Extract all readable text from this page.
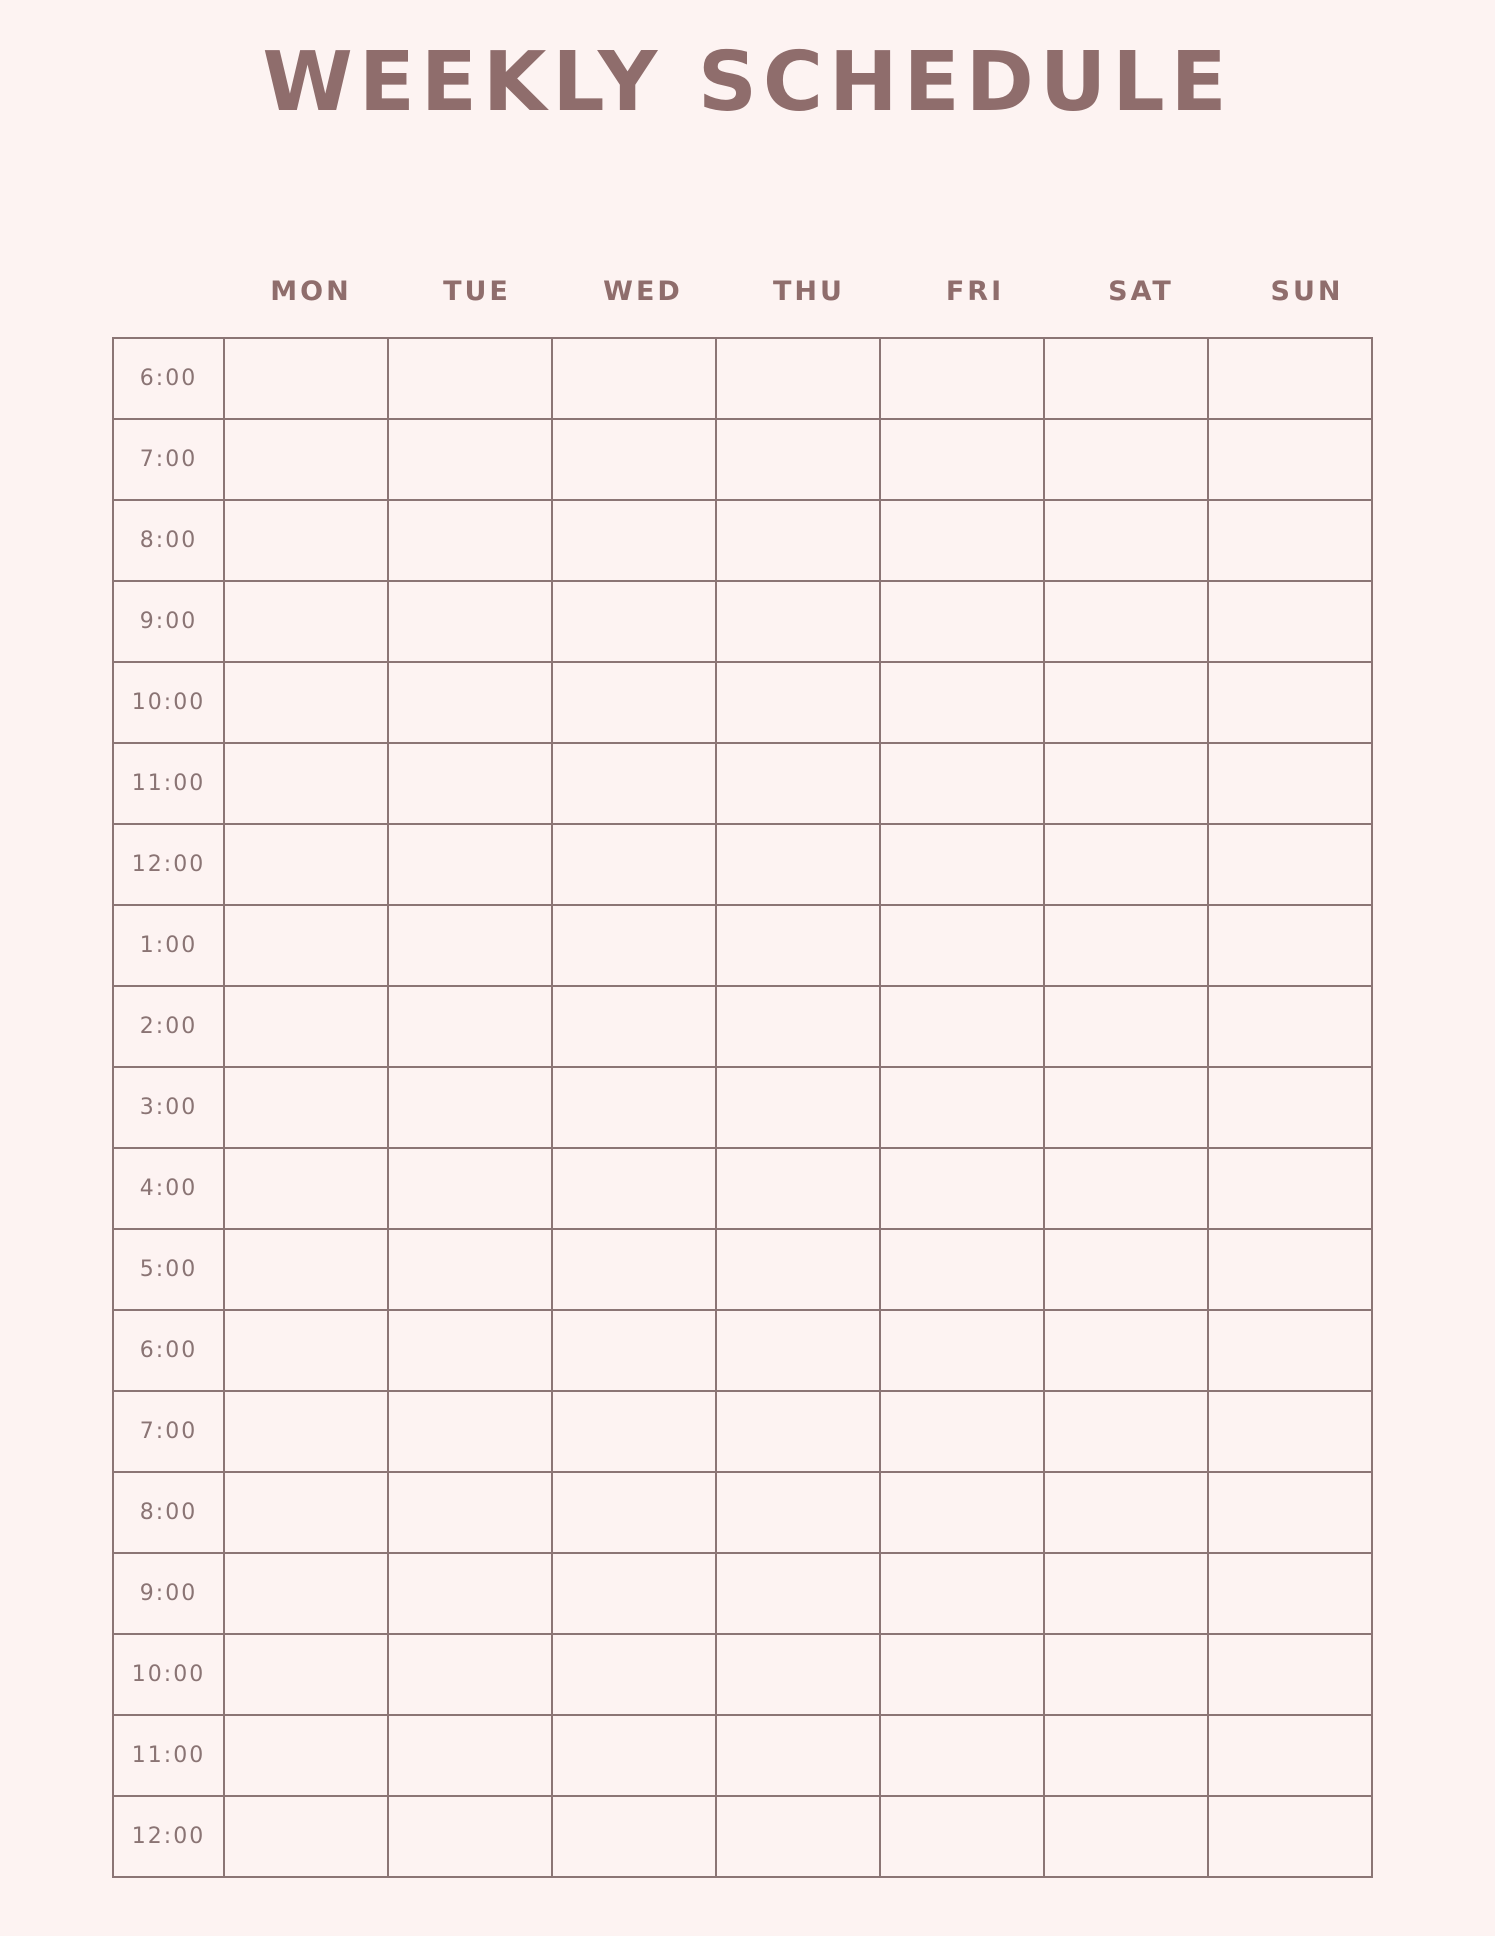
WEEKLY SCHEDULE
MON	TUE	WED	THU	FRI	SAT	SUN
6:00							
7:00							
8:00							
9:00							
10:00							
11:00							
12:00							
1:00							
2:00							
3:00							
4:00							
5:00							
6:00							
7:00							
8:00							
9:00							
10:00							
11:00							
12:00							
